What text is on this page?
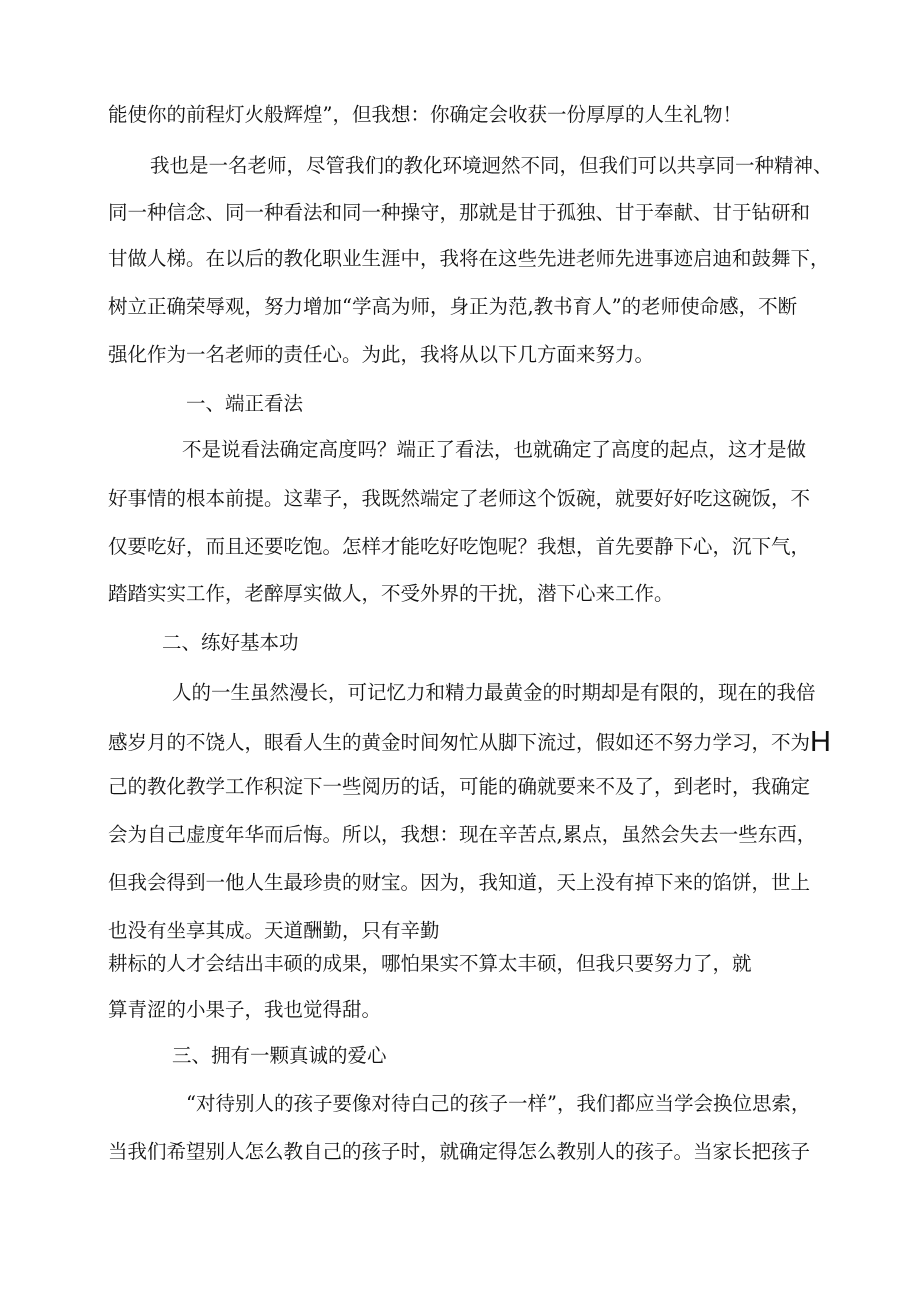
能使你的前程灯火般辉煌”，但我想：你确定会收获一份厚厚的人生礼物！

我也是一名老师，尽管我们的教化环境迥然不同，但我们可以共享同一种精神、

同一种信念、同一种看法和同一种操守，那就是甘于孤独、甘于奉献、甘于钻研和

甘做人梯。在以后的教化职业生涯中，我将在这些先进老师先进事迹启迪和鼓舞下，

树立正确荣辱观，努力增加“学高为师，身正为范,教书育人”的老师使命感，不断

强化作为一名老师的责任心。为此，我将从以下几方面来努力。

一、端正看法

不是说看法确定高度吗？端正了看法，也就确定了高度的起点，这才是做

好事情的根本前提。这辈子，我既然端定了老师这个饭碗，就要好好吃这碗饭，不

仅要吃好，而且还要吃饱。怎样才能吃好吃饱呢？我想，首先要静下心，沉下气，

踏踏实实工作，老醉厚实做人，不受外界的干扰，潜下心来工作。

二、练好基本功

人的一生虽然漫长，可记忆力和精力最黄金的时期却是有限的，现在的我倍

感岁月的不饶人，眼看人生的黄金时间匆忙从脚下流过，假如还不努力学习，不为H

己的教化教学工作积淀下一些阅历的话，可能的确就要来不及了，到老时，我确定

会为自己虚度年华而后悔。所以，我想：现在辛苦点,累点，虽然会失去一些东西，

但我会得到一他人生最珍贵的财宝。因为，我知道，天上没有掉下来的馅饼，世上

也没有坐享其成。天道酬勤，只有辛勤

耕标的人才会结出丰硕的成果，哪怕果实不算太丰硕，但我只要努力了，就

算青涩的小果子，我也觉得甜。

三、拥有一颗真诚的爱心

“对待别人的孩子要像对待白己的孩子一样”，我们都应当学会换位思索，

当我们希望别人怎么教自己的孩子时，就确定得怎么教别人的孩子。当家长把孩子
